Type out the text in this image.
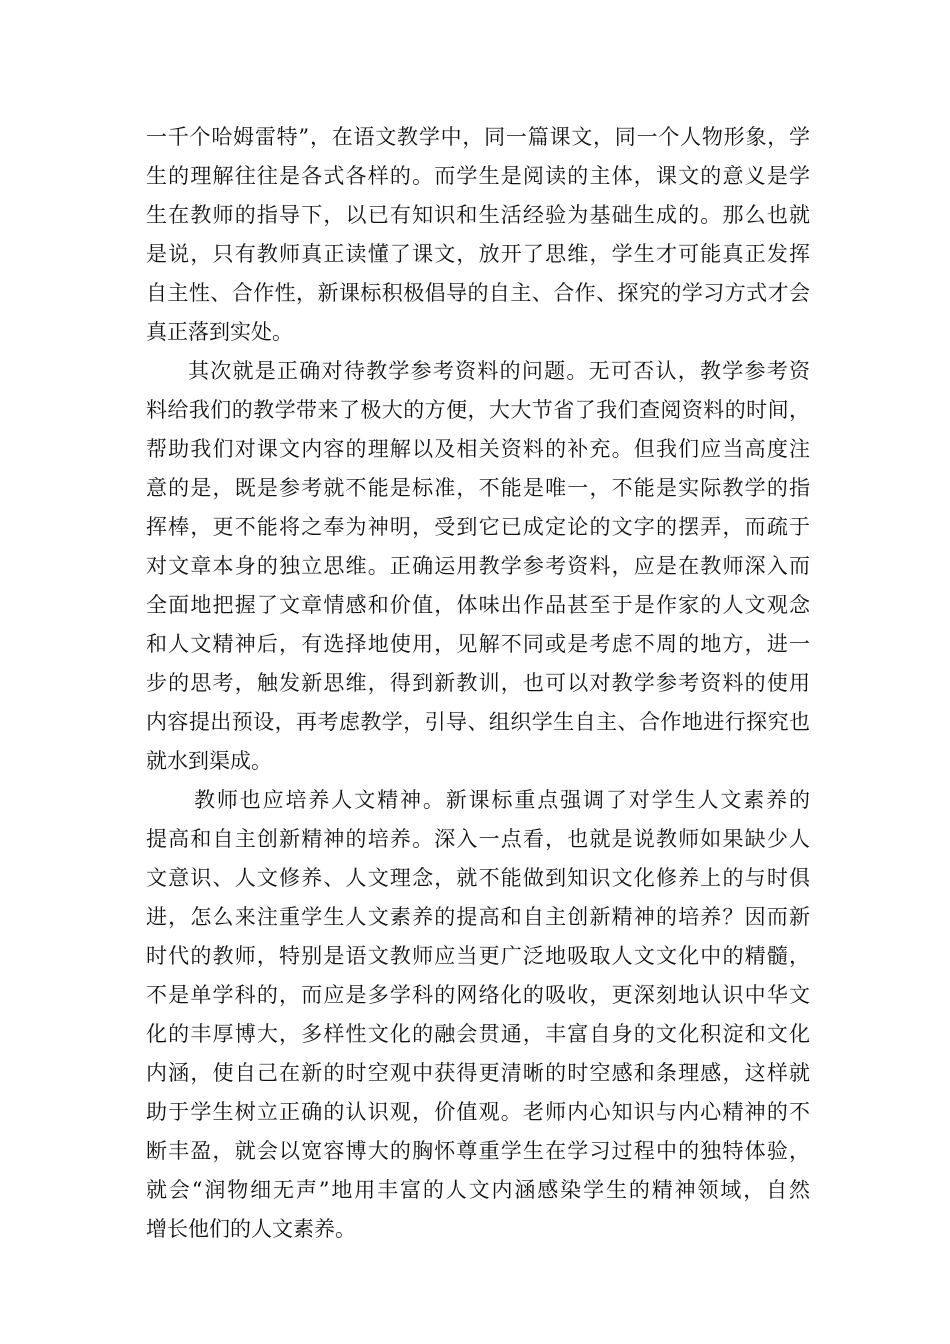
一千个哈姆雷特”，在语文教学中，同一篇课文，同一个人物形象，学
生的理解往往是各式各样的。而学生是阅读的主体，课文的意义是学
生在教师的指导下，以已有知识和生活经验为基础生成的。那么也就
是说，只有教师真正读懂了课文，放开了思维，学生才可能真正发挥
自主性、合作性，新课标积极倡导的自主、合作、探究的学习方式才会
真正落到实处。
其次就是正确对待教学参考资料的问题。无可否认，教学参考资
料给我们的教学带来了极大的方便，大大节省了我们查阅资料的时间，
帮助我们对课文内容的理解以及相关资料的补充。但我们应当高度注
意的是，既是参考就不能是标准，不能是唯一，不能是实际教学的指
挥棒，更不能将之奉为神明，受到它已成定论的文字的摆弄，而疏于
对文章本身的独立思维。正确运用教学参考资料，应是在教师深入而
全面地把握了文章情感和价值，体味出作品甚至于是作家的人文观念
和人文精神后，有选择地使用，见解不同或是考虑不周的地方，进一
步的思考，触发新思维，得到新教训，也可以对教学参考资料的使用
内容提出预设，再考虑教学，引导、组织学生自主、合作地进行探究也
就水到渠成。
教师也应培养人文精神。新课标重点强调了对学生人文素养的
提高和自主创新精神的培养。深入一点看，也就是说教师如果缺少人
文意识、人文修养、人文理念，就不能做到知识文化修养上的与时俱
进，怎么来注重学生人文素养的提高和自主创新精神的培养？因而新
时代的教师，特别是语文教师应当更广泛地吸取人文文化中的精髓，
不是单学科的，而应是多学科的网络化的吸收，更深刻地认识中华文
化的丰厚博大，多样性文化的融会贯通，丰富自身的文化积淀和文化
内涵，使自己在新的时空观中获得更清晰的时空感和条理感，这样就
助于学生树立正确的认识观，价值观。老师内心知识与内心精神的不
断丰盈，就会以宽容博大的胸怀尊重学生在学习过程中的独特体验，
就会“润物细无声”地用丰富的人文内涵感染学生的精神领域，自然
增长他们的人文素养。
